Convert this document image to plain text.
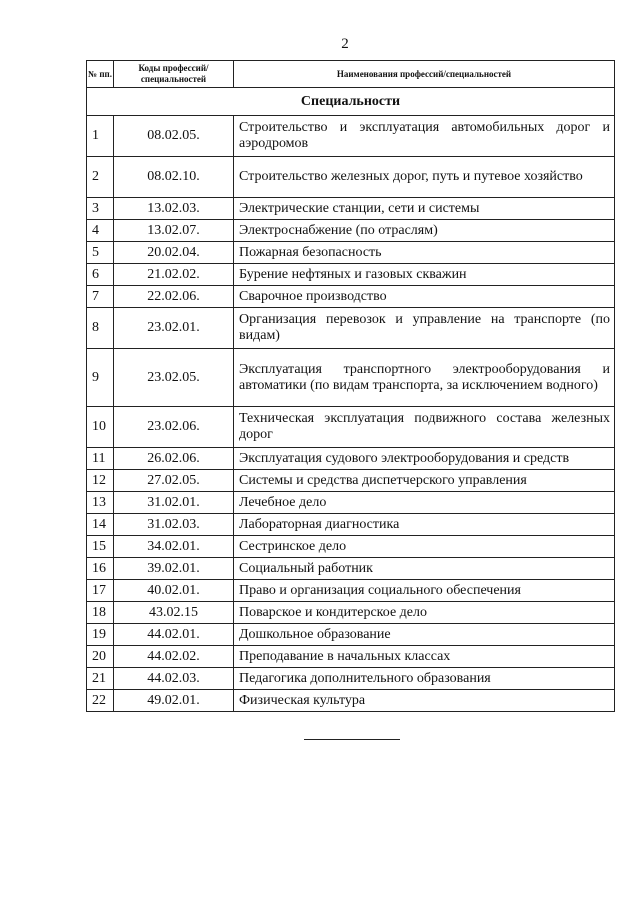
2
№ пп.	Коды профессий/ специальностей	Наименования профессий/специальностей
Специальности		
1	08.02.05.	Строительство и эксплуатация автомобильных дорог и аэродромов
2	08.02.10.	Строительство железных дорог, путь и путевое хозяйство
3	13.02.03.	Электрические станции, сети и системы
4	13.02.07.	Электроснабжение (по отраслям)
5	20.02.04.	Пожарная безопасность
6	21.02.02.	Бурение нефтяных и газовых скважин
7	22.02.06.	Сварочное производство
8	23.02.01.	Организация перевозок и управление на транспорте (по видам)
9	23.02.05.	Эксплуатация транспортного электрооборудования и автоматики (по видам транспорта, за исключением водного)
10	23.02.06.	Техническая эксплуатация подвижного состава железных дорог
11	26.02.06.	Эксплуатация судового электрооборудования и средств
12	27.02.05.	Системы и средства диспетчерского управления
13	31.02.01.	Лечебное дело
14	31.02.03.	Лабораторная диагностика
15	34.02.01.	Сестринское дело
16	39.02.01.	Социальный работник
17	40.02.01.	Право и организация социального обеспечения
18	43.02.15	Поварское и кондитерское дело
19	44.02.01.	Дошкольное образование
20	44.02.02.	Преподавание в начальных классах
21	44.02.03.	Педагогика дополнительного образования
22	49.02.01.	Физическая культура
